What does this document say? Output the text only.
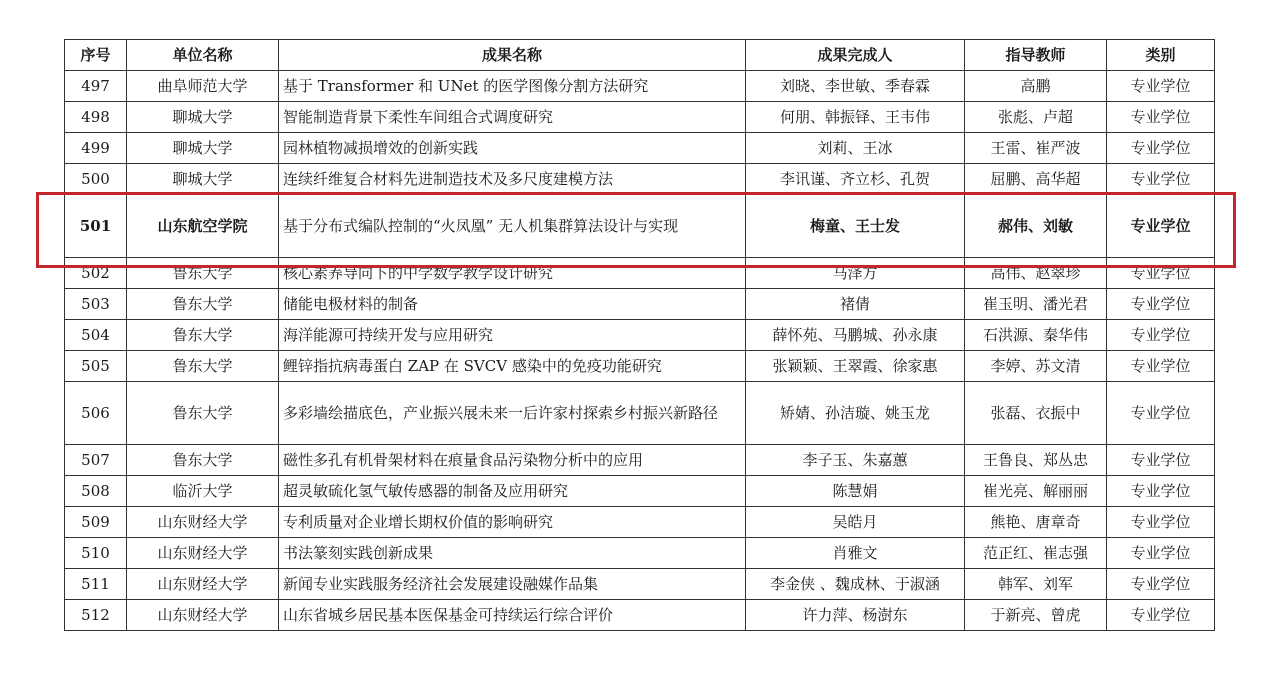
序号	单位名称	成果名称	成果完成人	指导教师	类别
497	曲阜师范大学	基于 Transformer 和 UNet 的医学图像分割方法研究	刘晓、李世敏、季春霖	高鹏	专业学位
498	聊城大学	智能制造背景下柔性车间组合式调度研究	何朋、韩振铎、王韦伟	张彪、卢超	专业学位
499	聊城大学	园林植物减损增效的创新实践	刘莉、王冰	王雷、崔严波	专业学位
500	聊城大学	连续纤维复合材料先进制造技术及多尺度建模方法	李讯谨、齐立杉、孔贺	屈鹏、高华超	专业学位
501	山东航空学院	基于分布式编队控制的“火凤凰” 无人机集群算法设计与实现	梅童、王士发	郝伟、刘敏	专业学位
502	鲁东大学	核心素养导向下的中学数学教学设计研究	马泽方	高伟、赵翠珍	专业学位
503	鲁东大学	储能电极材料的制备	褚倩	崔玉明、潘光君	专业学位
504	鲁东大学	海洋能源可持续开发与应用研究	薛怀苑、马鹏城、孙永康	石洪源、秦华伟	专业学位
505	鲁东大学	鲤锌指抗病毒蛋白 ZAP 在 SVCV 感染中的免疫功能研究	张颖颖、王翠霞、徐家惠	李婷、苏文清	专业学位
506	鲁东大学	多彩墙绘描底色，产业振兴展未来一后许家村探索乡村振兴新路径	矫婧、孙洁璇、姚玉龙	张磊、衣振中	专业学位
507	鲁东大学	磁性多孔有机骨架材料在痕量食品污染物分析中的应用	李子玉、朱嘉蕙	王鲁良、郑丛忠	专业学位
508	临沂大学	超灵敏硫化氢气敏传感器的制备及应用研究	陈慧娟	崔光亮、解丽丽	专业学位
509	山东财经大学	专利质量对企业增长期权价值的影响研究	吴皓月	熊艳、唐章奇	专业学位
510	山东财经大学	书法篆刻实践创新成果	肖雅文	范正红、崔志强	专业学位
511	山东财经大学	新闻专业实践服务经济社会发展建设融媒作品集	李金侠 、魏成林、于淑涵	韩军、刘军	专业学位
512	山东财经大学	山东省城乡居民基本医保基金可持续运行综合评价	许力萍、杨澍东	于新亮、曾虎	专业学位
